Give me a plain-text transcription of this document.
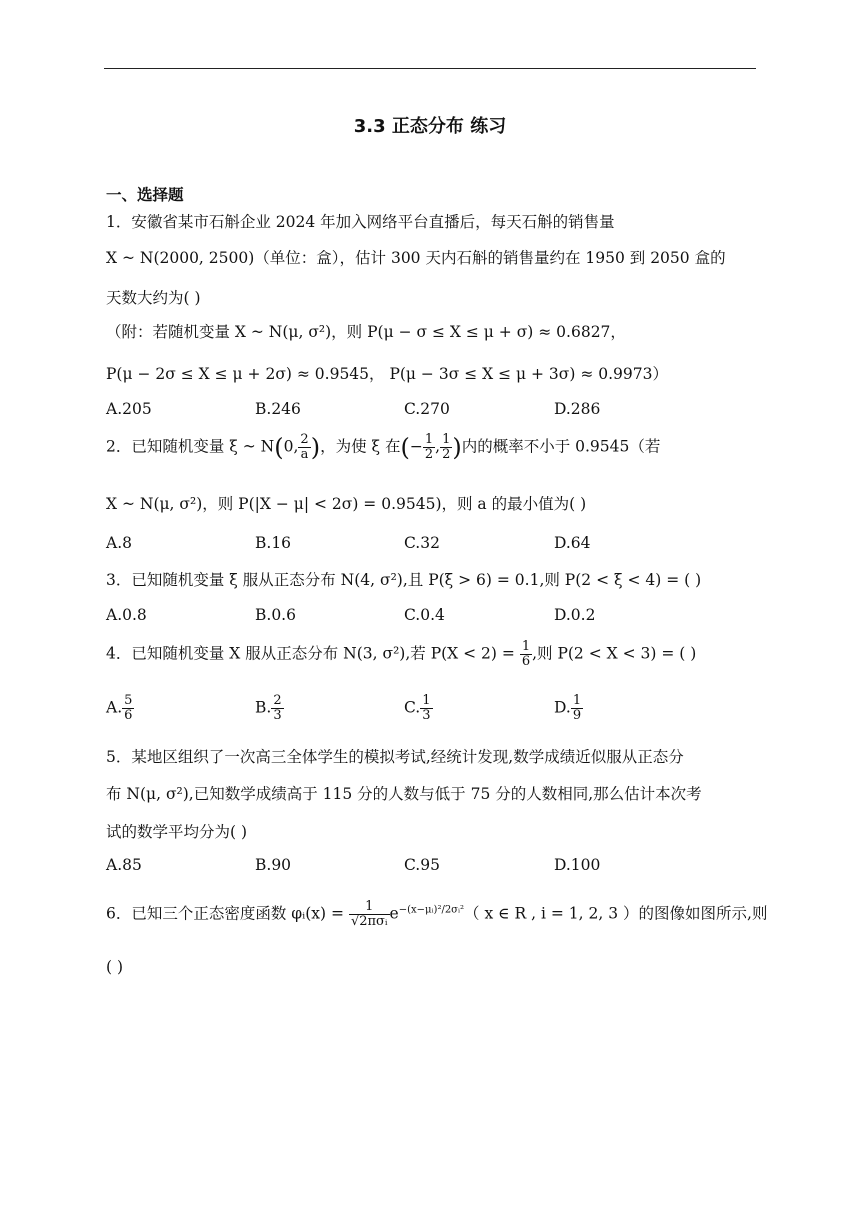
3.3 正态分布 练习
一、选择题
1．安徽省某市石斛企业 2024 年加入网络平台直播后，每天石斛的销售量
X ~ N(2000, 2500)（单位：盒），估计 300 天内石斛的销售量约在 1950 到 2050 盒的
天数大约为( )
（附：若随机变量 X ~ N(μ, σ²)，则 P(μ − σ ≤ X ≤ μ + σ) ≈ 0.6827，
P(μ − 2σ ≤ X ≤ μ + 2σ) ≈ 0.9545， P(μ − 3σ ≤ X ≤ μ + 3σ) ≈ 0.9973）
A.205	B.246	C.270	D.286
2．已知随机变量 ξ ~ N(0, $\frac{2}{a}$ )，为使 ξ 在(− $\frac{1}{2}$ , $\frac{1}{2}$ )内的概率不小于 0.9545（若
X ~ N(μ, σ²)，则 P(|X − μ| < 2σ) = 0.9545)，则 a 的最小值为( )
A.8	B.16	C.32	D.64
3．已知随机变量 ξ 服从正态分布 N(4, σ²),且 P(ξ > 6) = 0.1,则 P(2 < ξ < 4) = ( )
A.0.8	B.0.6	C.0.4	D.0.2
4．已知随机变量 X 服从正态分布 N(3, σ²),若 $P(X < 2) = \frac{1}{6}$ ,则 P(2 < X < 3) = ( )
A. $\frac{5}{6}$	B. $\frac{2}{3}$	C. $\frac{1}{3}$	D. $\frac{1}{9}$
5．某地区组织了一次高三全体学生的模拟考试,经统计发现,数学成绩近似服从正态分
布 N(μ, σ²),已知数学成绩高于 115 分的人数与低于 75 分的人数相同,那么估计本次考
试的数学平均分为( )
A.85	B.90	C.95	D.100
6．已知三个正态密度函数 φᵢ(x) = $\frac{1}{\text{√2πσᵢ}} e^{-(x-\mu ᵢ)^2/2\sigma ᵢ^2}$（ x ∈ R , i = 1, 2, 3 ）的图像如图所示,则
( )
